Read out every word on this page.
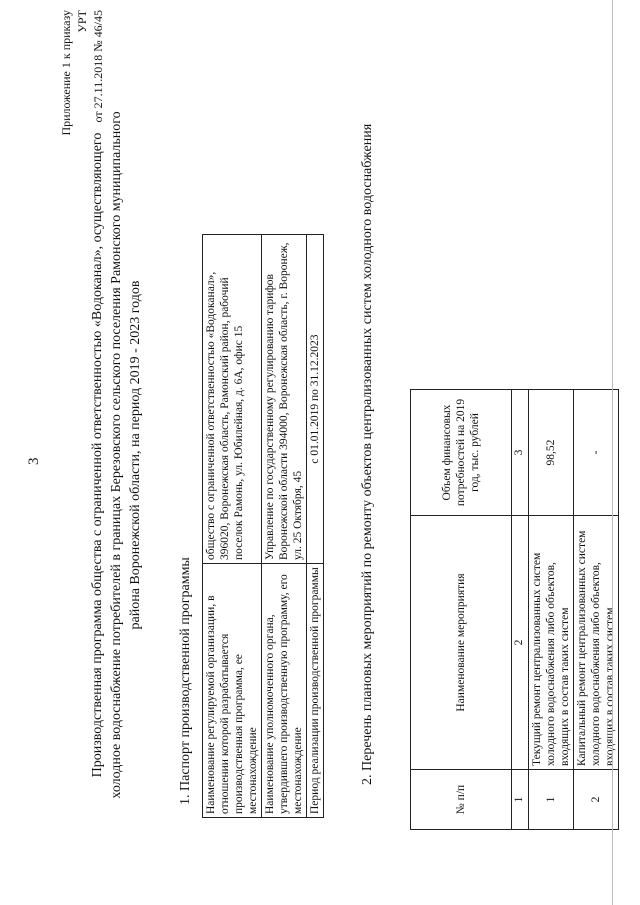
3
Приложение 1 к приказу УРТ от 27.11.2018 № 46/45
Производственная программа общества с ограниченной ответственностью «Водоканал», осуществляющего холодное водоснабжение потребителей в границах Березовского сельского поселения Рамонского муниципального района Воронежской области, на период 2019 - 2023 годов
1. Паспорт производственной программы Наименование регулируемой организации, в отношении которой разрабатывается производственная программа, ее местонахождение	общество с ограниченной ответственностью «Водоканал», 396020, Воронежская область, Рамонский район, рабочий поселок Рамонь, ул. Юбилейная, д. 6А, офис 15
Наименование уполномоченного органа, утвердившего производственную программу, его местонахождение	Управление по государственному регулированию тарифов Воронежской области 394000, Воронежская область, г. Воронеж, ул. 25 Октября, 45
Период реализации производственной программы	с 01.01.2019 по 31.12.2023	2. Перечень плановых мероприятий по ремонту объектов централизованных систем холодного водоснабжения
№ п/п	Наименование мероприятия	Объем финансовых потребностей на 2019 год, тыс. рублей
1	2	3
1	Текущий ремонт централизованных систем холодного водоснабжения либо объектов, входящих в состав таких систем	98,52
2	Капитальный ремонт централизованных систем холодного водоснабжения либо объектов, входящих в состав таких систем	-
